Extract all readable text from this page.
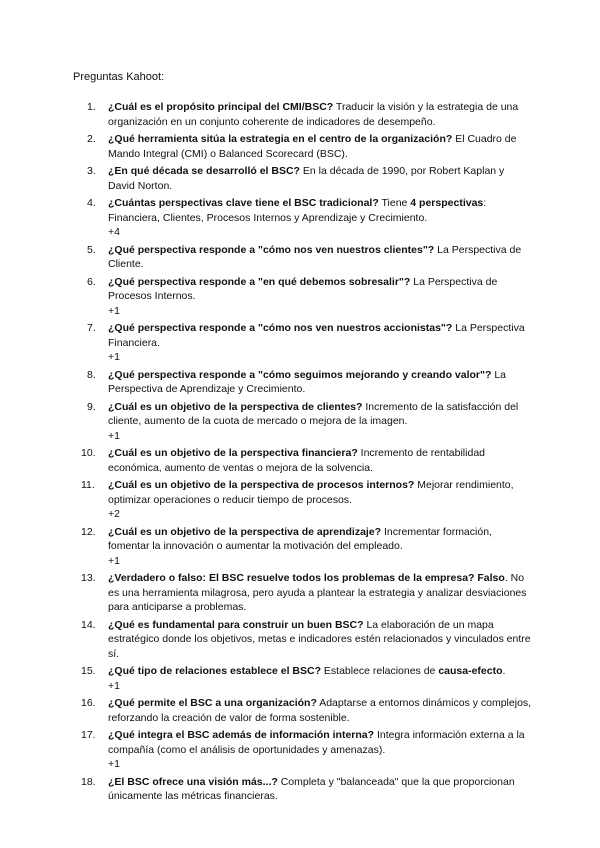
Preguntas Kahoot:
1.	¿Cuál es el propósito principal del CMI/BSC? Traducir la visión y la estrategia de una organización en un conjunto coherente de indicadores de desempeño.
2.	¿Qué herramienta sitúa la estrategia en el centro de la organización? El Cuadro de Mando Integral (CMI) o Balanced Scorecard (BSC).
3.	¿En qué década se desarrolló el BSC? En la década de 1990, por Robert Kaplan y David Norton.
4.	¿Cuántas perspectivas clave tiene el BSC tradicional? Tiene 4 perspectivas: Financiera, Clientes, Procesos Internos y Aprendizaje y Crecimiento.
+4
5.	¿Qué perspectiva responde a "cómo nos ven nuestros clientes"? La Perspectiva de Cliente.
6.	¿Qué perspectiva responde a "en qué debemos sobresalir"? La Perspectiva de Procesos Internos.
+1
7.	¿Qué perspectiva responde a "cómo nos ven nuestros accionistas"? La Perspectiva Financiera.
+1
8.	¿Qué perspectiva responde a "cómo seguimos mejorando y creando valor"? La Perspectiva de Aprendizaje y Crecimiento.
9.	¿Cuál es un objetivo de la perspectiva de clientes? Incremento de la satisfacción del cliente, aumento de la cuota de mercado o mejora de la imagen.
+1
10.	¿Cuál es un objetivo de la perspectiva financiera? Incremento de rentabilidad económica, aumento de ventas o mejora de la solvencia.
11.	¿Cuál es un objetivo de la perspectiva de procesos internos? Mejorar rendimiento, optimizar operaciones o reducir tiempo de procesos.
+2
12.	¿Cuál es un objetivo de la perspectiva de aprendizaje? Incrementar formación, fomentar la innovación o aumentar la motivación del empleado.
+1
13.	¿Verdadero o falso: El BSC resuelve todos los problemas de la empresa? Falso. No es una herramienta milagrosa, pero ayuda a plantear la estrategia y analizar desviaciones para anticiparse a problemas.
14.	¿Qué es fundamental para construir un buen BSC? La elaboración de un mapa estratégico donde los objetivos, metas e indicadores estén relacionados y vinculados entre sí.
15.	¿Qué tipo de relaciones establece el BSC? Establece relaciones de causa-efecto.
+1
16.	¿Qué permite el BSC a una organización? Adaptarse a entornos dinámicos y complejos, reforzando la creación de valor de forma sostenible.
17.	¿Qué integra el BSC además de información interna? Integra información externa a la compañía (como el análisis de oportunidades y amenazas).
+1
18.	¿El BSC ofrece una visión más...? Completa y "balanceada" que la que proporcionan únicamente las métricas financieras.
